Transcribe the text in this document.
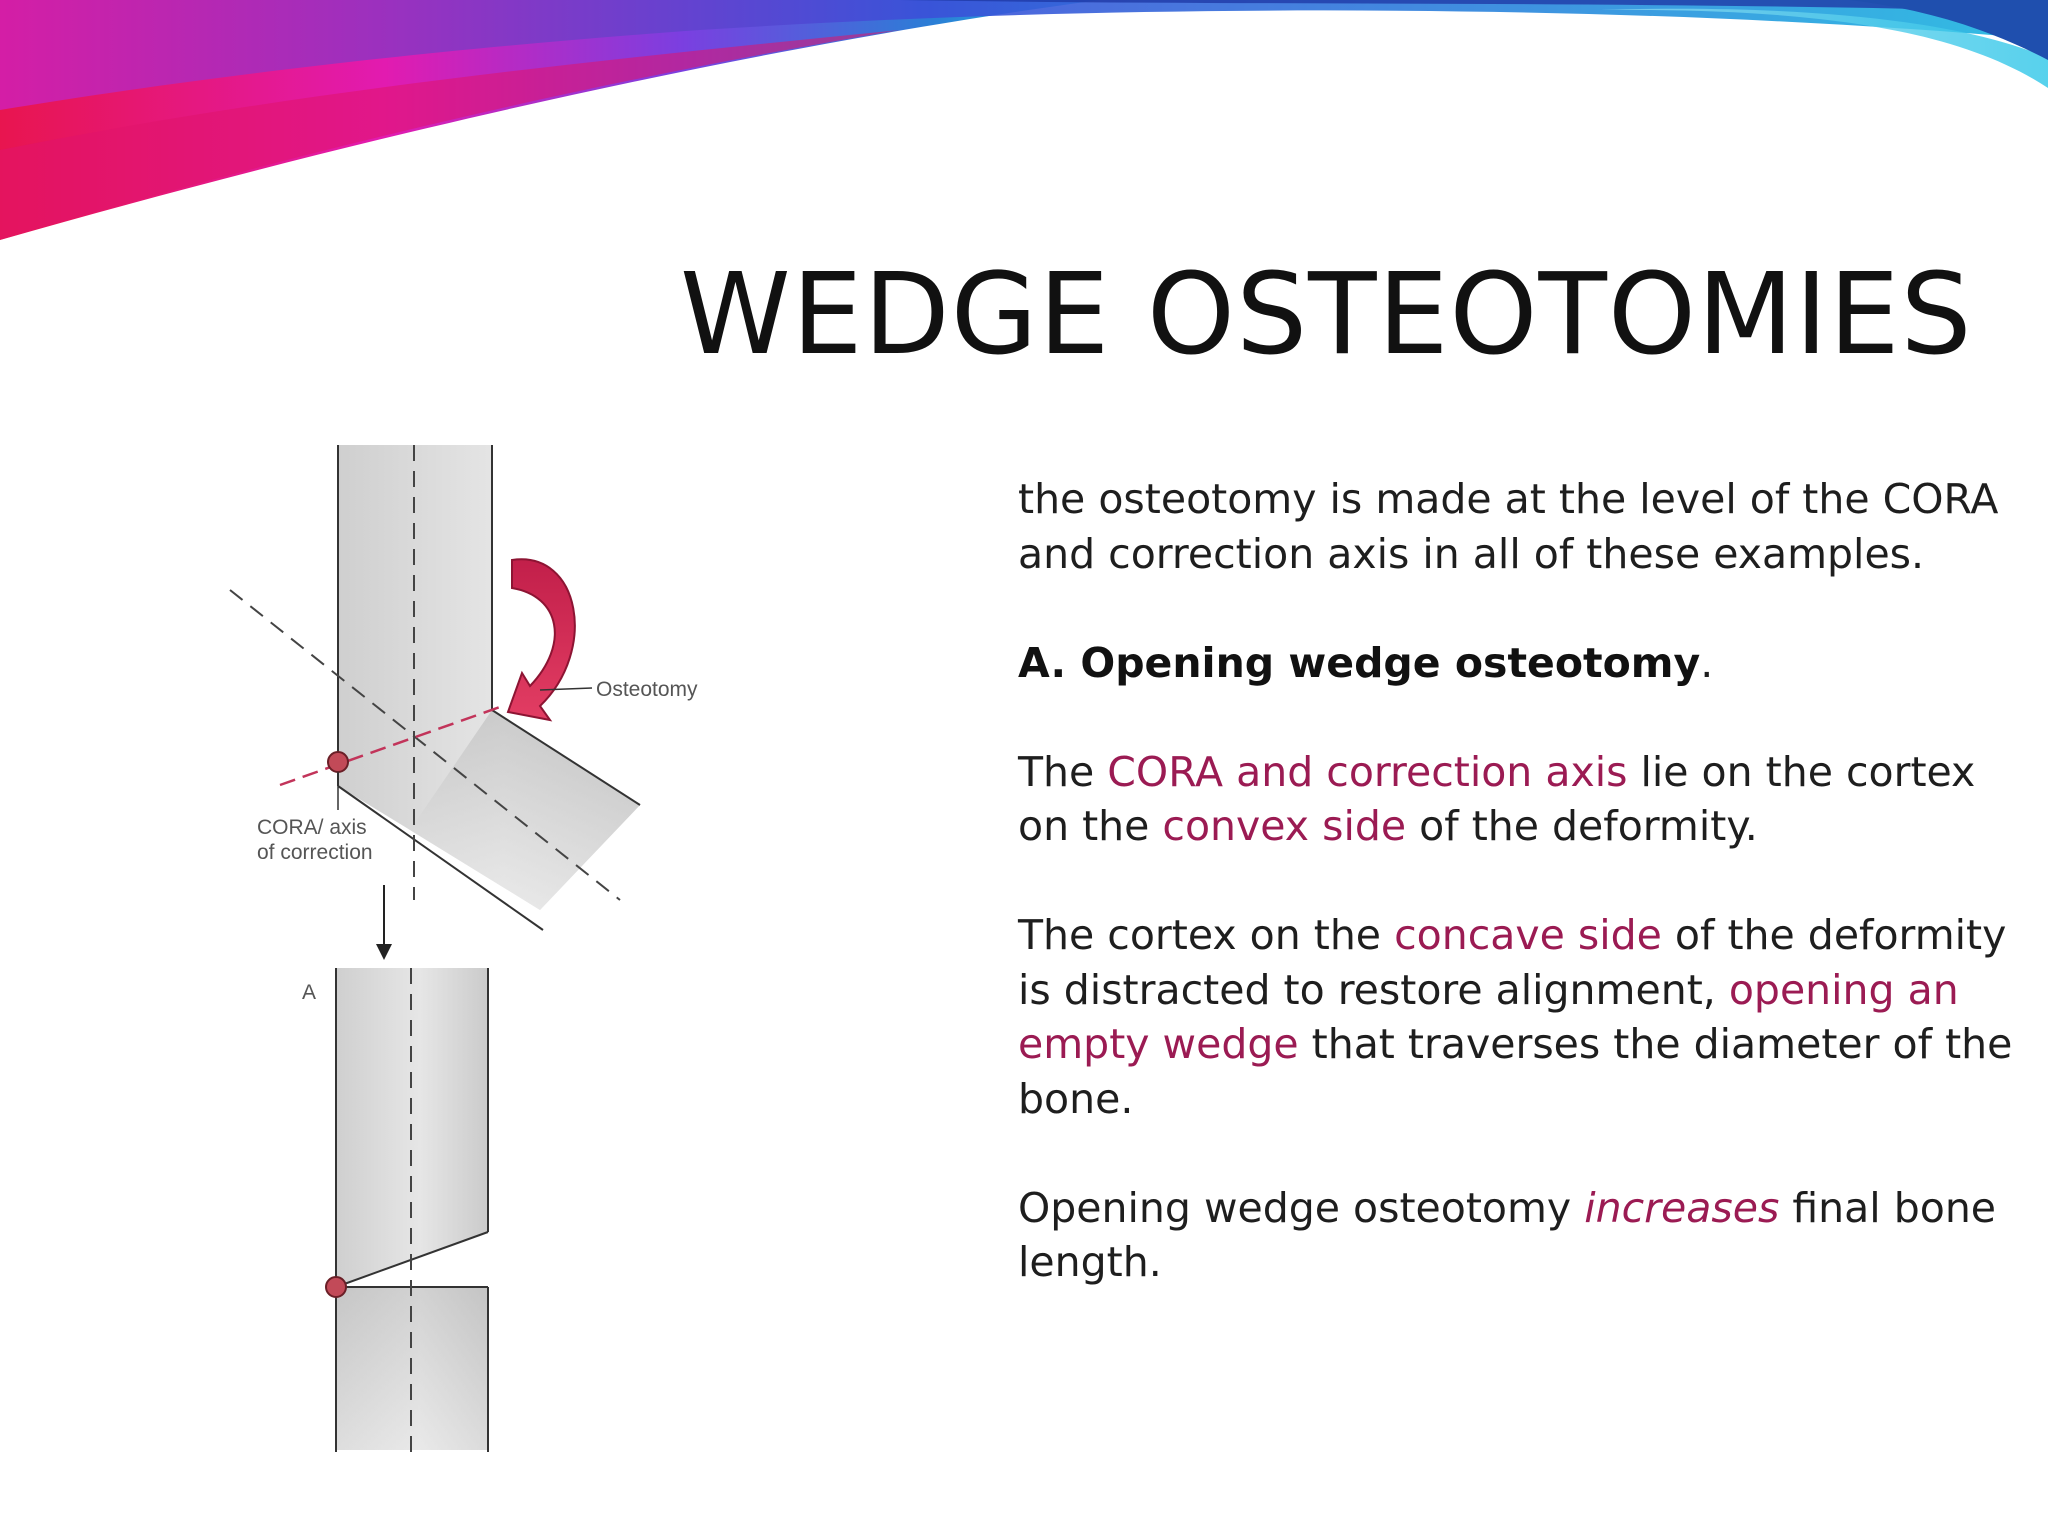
WEDGE OSTEOTOMIES
Osteotomy
CORA/ axis
of correction
A

the osteotomy is made at the level of the CORA and correction axis in all of these examples.

A. Opening wedge osteotomy.

The CORA and correction axis lie on the cortex on the convex side of the deformity.

The cortex on the concave side of the deformity is distracted to restore alignment, opening an empty wedge that traverses the diameter of the bone.

Opening wedge osteotomy increases final bone length.
